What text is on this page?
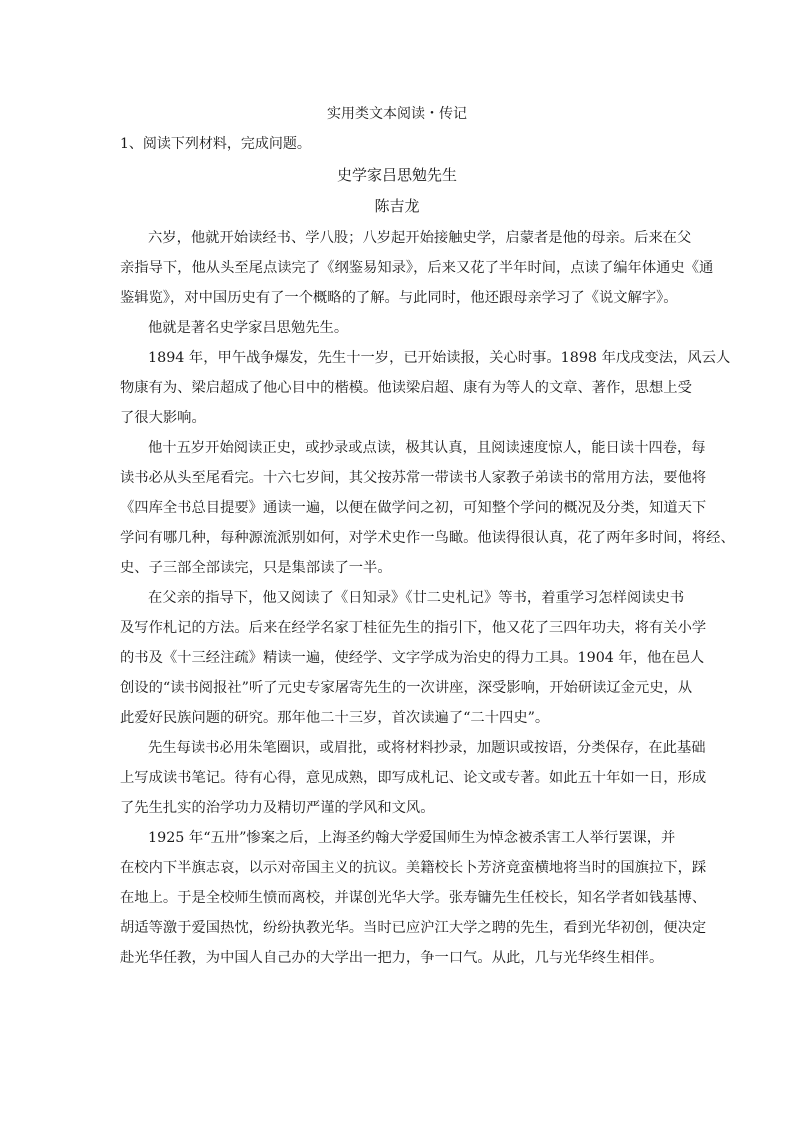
实用类文本阅读・传记

1、阅读下列材料，完成问题。

史学家吕思勉先生

陈吉龙

六岁，他就开始读经书、学八股；八岁起开始接触史学，启蒙者是他的母亲。后来在父
亲指导下，他从头至尾点读完了《纲鉴易知录》，后来又花了半年时间，点读了编年体通史《通
鉴辑览》，对中国历史有了一个概略的了解。与此同时，他还跟母亲学习了《说文解字》。
他就是著名史学家吕思勉先生。
1894 年，甲午战争爆发，先生十一岁，已开始读报，关心时事。1898 年戊戌变法，风云人
物康有为、梁启超成了他心目中的楷模。他读梁启超、康有为等人的文章、著作，思想上受
了很大影响。
他十五岁开始阅读正史，或抄录或点读，极其认真，且阅读速度惊人，能日读十四卷，每
读书必从头至尾看完。十六七岁间，其父按苏常一带读书人家教子弟读书的常用方法，要他将
《四库全书总目提要》通读一遍，以便在做学问之初，可知整个学问的概况及分类，知道天下
学问有哪几种，每种源流派别如何，对学术史作一鸟瞰。他读得很认真，花了两年多时间，将经、
史、子三部全部读完，只是集部读了一半。
在父亲的指导下，他又阅读了《日知录》《廿二史札记》等书，着重学习怎样阅读史书
及写作札记的方法。后来在经学名家丁桂征先生的指引下，他又花了三四年功夫，将有关小学
的书及《十三经注疏》精读一遍，使经学、文字学成为治史的得力工具。1904 年，他在邑人
创设的“读书阅报社”听了元史专家屠寄先生的一次讲座，深受影响，开始研读辽金元史，从
此爱好民族问题的研究。那年他二十三岁，首次读遍了“二十四史”。
先生每读书必用朱笔圈识，或眉批，或将材料抄录，加题识或按语，分类保存，在此基础
上写成读书笔记。待有心得，意见成熟，即写成札记、论文或专著。如此五十年如一日，形成
了先生扎实的治学功力及精切严谨的学风和文风。
1925 年“五卅”惨案之后，上海圣约翰大学爱国师生为悼念被杀害工人举行罢课，并
在校内下半旗志哀，以示对帝国主义的抗议。美籍校长卜芳济竟蛮横地将当时的国旗拉下，踩
在地上。于是全校师生愤而离校，并谋创光华大学。张寿镛先生任校长，知名学者如钱基博、
胡适等激于爱国热忱，纷纷执教光华。当时已应沪江大学之聘的先生，看到光华初创，便决定
赴光华任教，为中国人自己办的大学出一把力，争一口气。从此，几与光华终生相伴。
